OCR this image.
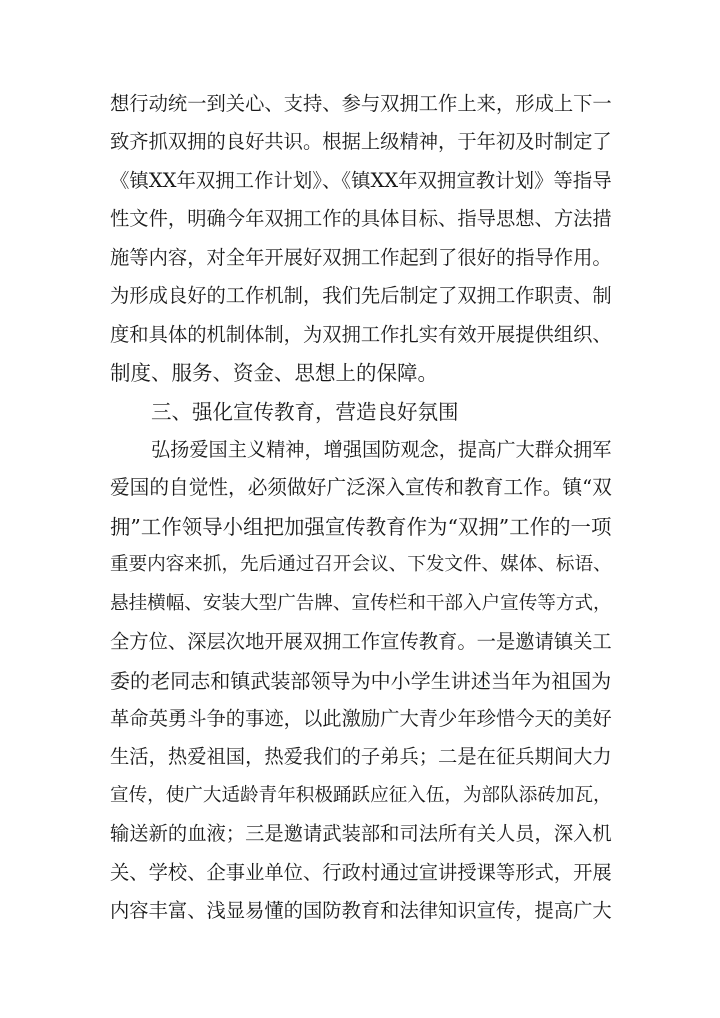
想行动统一到关心、支持、参与双拥工作上来，形成上下一
致齐抓双拥的良好共识。根据上级精神，于年初及时制定了
《镇XX年双拥工作计划》、《镇XX年双拥宣教计划》等指导
性文件，明确今年双拥工作的具体目标、指导思想、方法措
施等内容，对全年开展好双拥工作起到了很好的指导作用。
为形成良好的工作机制，我们先后制定了双拥工作职责、制
度和具体的机制体制，为双拥工作扎实有效开展提供组织、
制度、服务、资金、思想上的保障。
三、强化宣传教育，营造良好氛围
弘扬爱国主义精神，增强国防观念，提高广大群众拥军
爱国的自觉性，必须做好广泛深入宣传和教育工作。镇“双
拥”工作领导小组把加强宣传教育作为“双拥”工作的一项
重要内容来抓，先后通过召开会议、下发文件、媒体、标语、
悬挂横幅、安装大型广告牌、宣传栏和干部入户宣传等方式，
全方位、深层次地开展双拥工作宣传教育。一是邀请镇关工
委的老同志和镇武装部领导为中小学生讲述当年为祖国为
革命英勇斗争的事迹，以此激励广大青少年珍惜今天的美好
生活，热爱祖国，热爱我们的子弟兵；二是在征兵期间大力
宣传，使广大适龄青年积极踊跃应征入伍，为部队添砖加瓦，
输送新的血液；三是邀请武装部和司法所有关人员，深入机
关、学校、企事业单位、行政村通过宣讲授课等形式，开展
内容丰富、浅显易懂的国防教育和法律知识宣传，提高广大
